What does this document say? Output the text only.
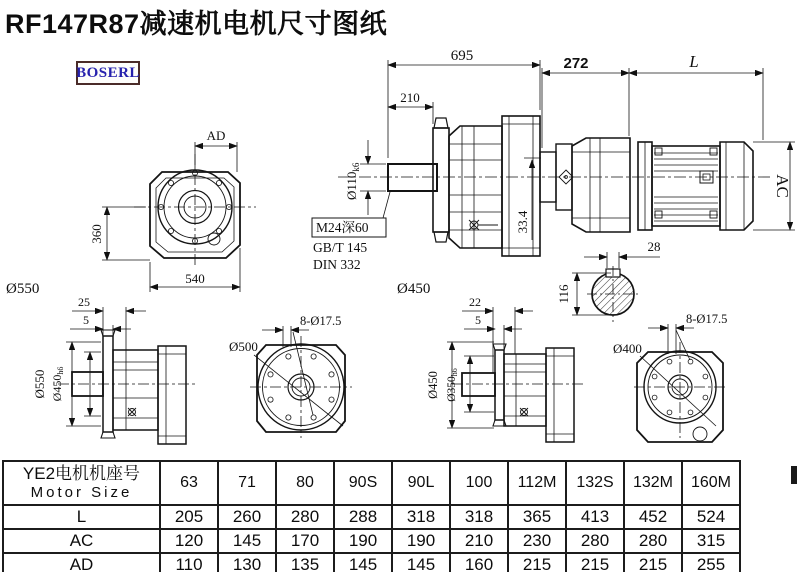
RF147R87减速机电机尺寸图纸
BOSERL
AD
360
540
Ø550
695
210
$Ø110_{k6}$
M24深60
GB/T 145
DIN 332
33.4
Ø450
272	L
AC
28
116
25
5
Ø550 Ø450h6
8-Ø17.5
Ø500
22
5
Ø450 Ø350h6
8-Ø17.5
Ø400
YE2电机机座号
Motor Size	63	71	80	90S	90L	100	112M	132S	132M	160M
L	205	260	280	288	318	318	365	413	452	524
AC	120	145	170	190	190	210	230	280	280	315
AD	110	130	135	145	145	160	215	215	215	255
